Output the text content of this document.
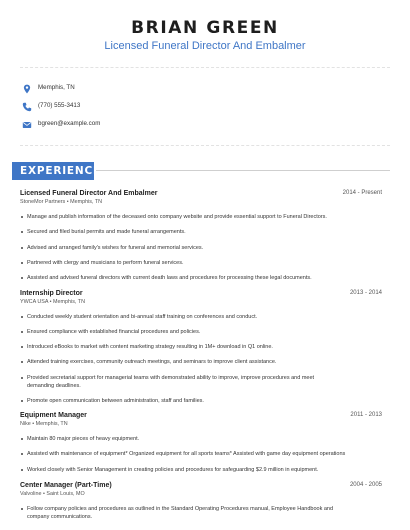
BRIAN GREEN
Licensed Funeral Director And Embalmer
Memphis, TN
(770) 555-3413
bgreen@example.com
EXPERIENCE
Licensed Funeral Director And Embalmer	2014 - Present
StoneMor Partners • Memphis, TN
Manage and publish information of the deceased onto company website and provide essential support to Funeral Directors.
Secured and filed burial permits and made funeral arrangements.
Advised and arranged family's wishes for funeral and memorial services.
Partnered with clergy and musicians to perform funeral services.
Assisted and advised funeral directors with current death laws and procedures for processing these legal documents.
Internship Director	2013 - 2014
YWCA USA • Memphis, TN
Conducted weekly student orientation and bi-annual staff training on conferences and conduct.
Ensured compliance with established financial procedures and policies.
Introduced eBooks to market with content marketing strategy resulting in 1M+ download in Q1 online.
Attended training exercises, community outreach meetings, and seminars to improve client assistance.
Provided secretarial support for managerial teams with demonstrated ability to improve, improve procedures and meet
demanding deadlines.
Promote open communication between administration, staff and families.
Equipment Manager	2011 - 2013
Nike • Memphis, TN
Maintain 80 major pieces of heavy equipment.
Assisted with maintenance of equipment* Organized equipment for all sports teams* Assisted with game day equipment operations
Worked closely with Senior Management in creating policies and procedures for safeguarding $2.9 million in equipment.
Center Manager (Part-Time)	2004 - 2005
Valvoline • Saint Louis, MO
Follow company policies and procedures as outlined in the Standard Operating Procedures manual, Employee Handbook and
company communications.
